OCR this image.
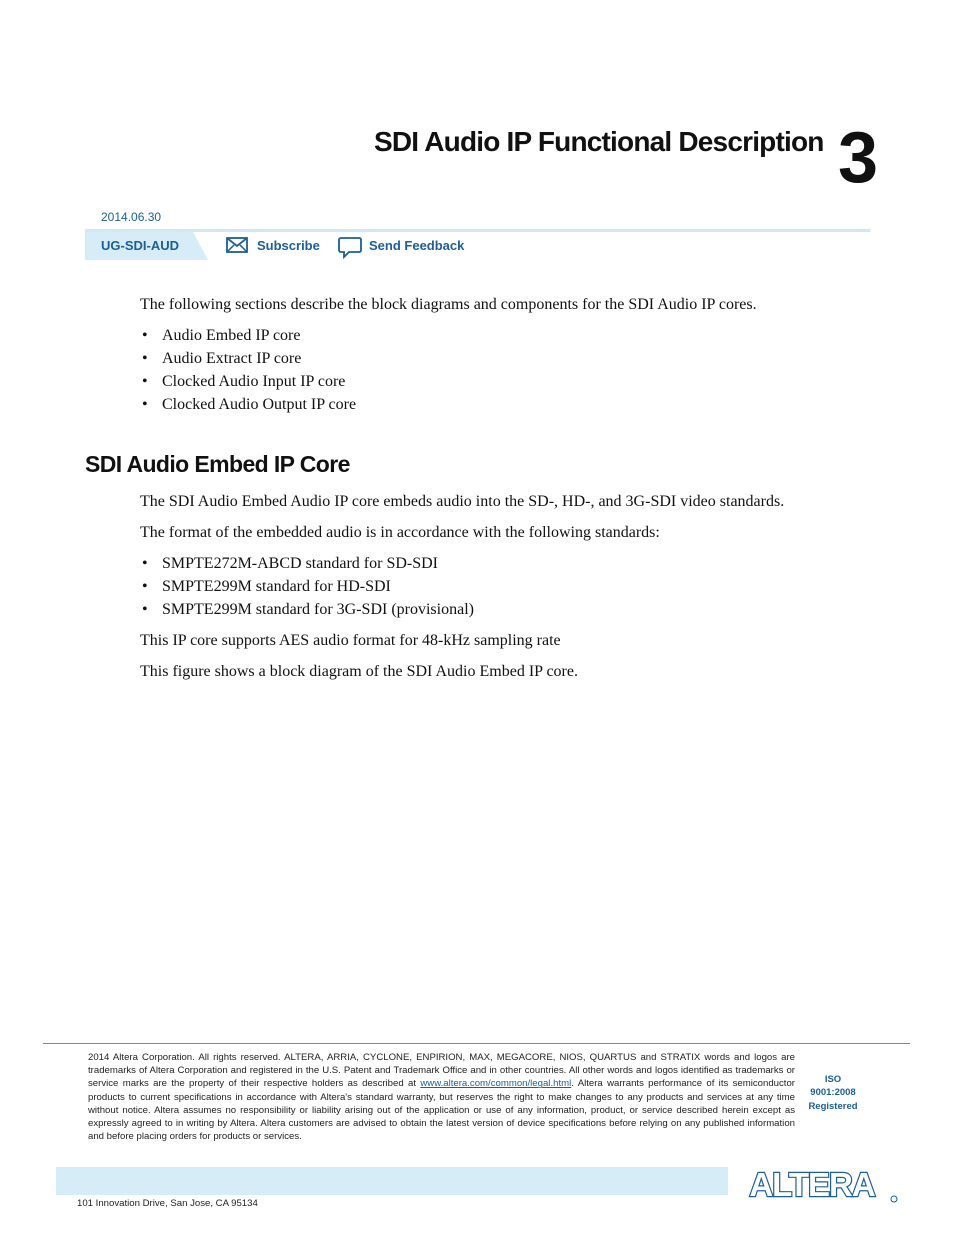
SDI Audio IP Functional Description 3
2014.06.30
UG-SDI-AUD	Subscribe	Send Feedback

The following sections describe the block diagrams and components for the SDI Audio IP cores.

• Audio Embed IP core
• Audio Extract IP core
• Clocked Audio Input IP core
• Clocked Audio Output IP core
SDI Audio Embed IP Core

The SDI Audio Embed Audio IP core embeds audio into the SD-, HD-, and 3G-SDI video standards.

The format of the embedded audio is in accordance with the following standards:

• SMPTE272M-ABCD standard for SD-SDI
• SMPTE299M standard for HD-SDI
• SMPTE299M standard for 3G-SDI (provisional)

This IP core supports AES audio format for 48-kHz sampling rate

This figure shows a block diagram of the SDI Audio Embed IP core.

2014 Altera Corporation. All rights reserved. ALTERA, ARRIA, CYCLONE, ENPIRION, MAX, MEGACORE, NIOS, QUARTUS and STRATIX words and logos are trademarks of Altera Corporation and registered in the U.S. Patent and Trademark Office and in other countries. All other words and logos identified as trademarks or service marks are the property of their respective holders as described at www.altera.com/common/legal.html. Altera warrants performance of its semiconductor products to current specifications in accordance with Altera's standard warranty, but reserves the right to make changes to any products and services at any time without notice. Altera assumes no responsibility or liability arising out of the application or use of any information, product, or service described herein except as expressly agreed to in writing by Altera. Altera customers are advised to obtain the latest version of device specifications before relying on any published information and before placing orders for products or services.

ISO
9001:2008
Registered
101 Innovation Drive, San Jose, CA 95134
ALTERA
